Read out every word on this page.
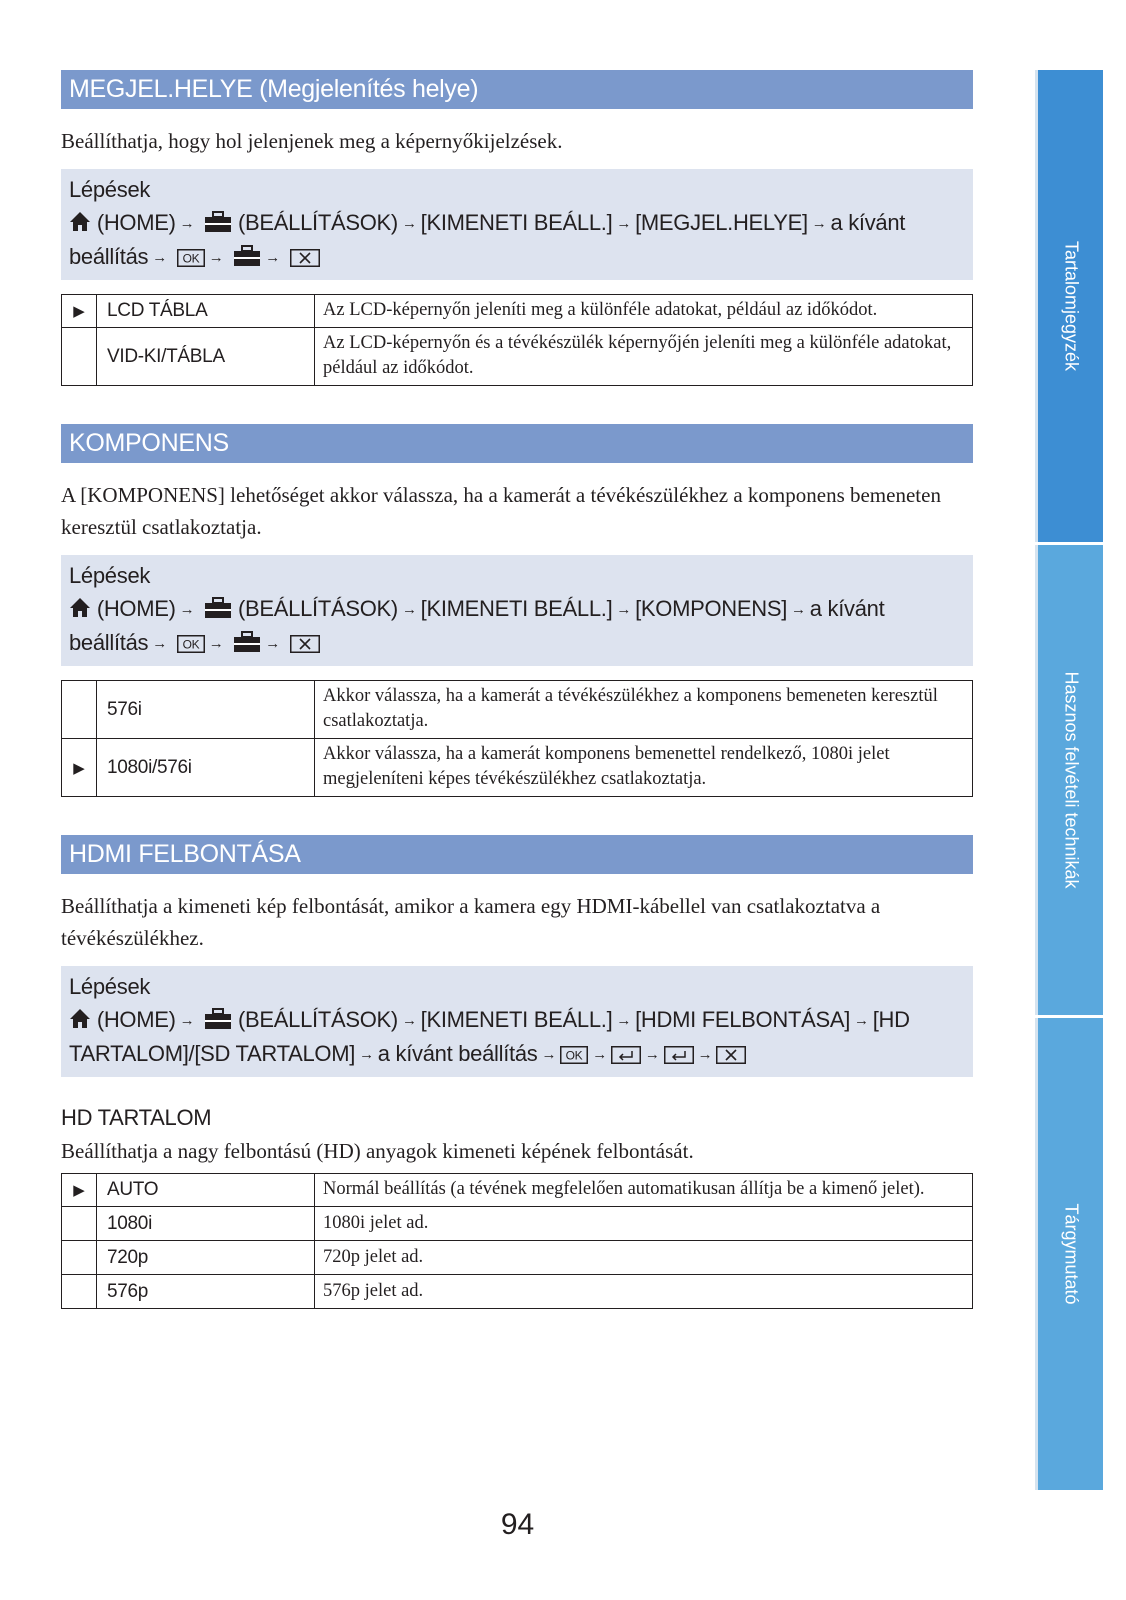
MEGJEL.HELYE (Megjelenítés helye)

Beállíthatja, hogy hol jelenjenek meg a képernyőkijelzések.

Lépések
(HOME) → (BEÁLLÍTÁSOK) → [KIMENETI BEÁLL.] → [MEGJEL.HELYE] → a kívánt
beállítás → OK →	→
▶	LCD TÁBLA	Az LCD-képernyőn jeleníti meg a különféle adatokat, például az időkódot.
	VID-KI/TÁBLA	Az LCD-képernyőn és a tévékészülék képernyőjén jeleníti meg a különféle adatokat, például az időkódot.
KOMPONENS

A [KOMPONENS] lehetőséget akkor válassza, ha a kamerát a tévékészülékhez a komponens bemeneten keresztül csatlakoztatja.

Lépések
(HOME) → (BEÁLLÍTÁSOK) → [KIMENETI BEÁLL.] → [KOMPONENS] → a kívánt
beállítás → OK →	→
	576i	Akkor válassza, ha a kamerát a tévékészülékhez a komponens bemeneten keresztül csatlakoztatja.
▶	1080i/576i	Akkor válassza, ha a kamerát komponens bemenettel rendelkező, 1080i jelet megjeleníteni képes tévékészülékhez csatlakoztatja.
HDMI FELBONTÁSA

Beállíthatja a kimeneti kép felbontását, amikor a kamera egy HDMI-kábellel van csatlakoztatva a tévékészülékhez.

Lépések
(HOME) → (BEÁLLÍTÁSOK) → [KIMENETI BEÁLL.] → [HDMI FELBONTÁSA] → [HD TARTALOM]/[SD TARTALOM] → a kívánt beállítás → OK →	→	→

HD TARTALOM

Beállíthatja a nagy felbontású (HD) anyagok kimeneti képének felbontását.

▶	AUTO	Normál beállítás (a tévének megfelelően automatikusan állítja be a kimenő jelet).
	1080i	1080i jelet ad.
	720p	720p jelet ad.
	576p	576p jelet ad.
Tartalomjegyzék
Hasznos felvételi technikák
Tárgymutató
94
